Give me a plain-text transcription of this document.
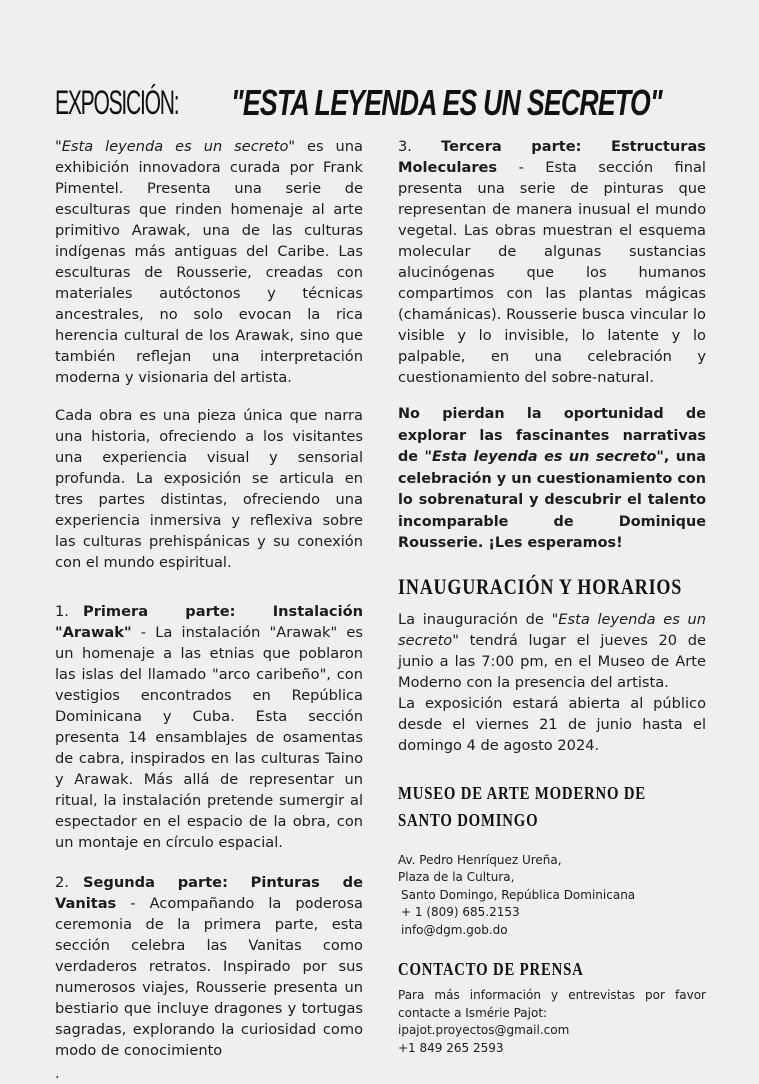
EXPOSICIÓN: "ESTA LEYENDA ES UN SECRETO"

"Esta leyenda es un secreto" es una exhibición innovadora curada por Frank Pimentel. Presenta una serie de esculturas que rinden homenaje al arte primitivo Arawak, una de las culturas indígenas más antiguas del Caribe. Las esculturas de Rousserie, creadas con materiales autóctonos y técnicas ancestrales, no solo evocan la rica herencia cultural de los Arawak, sino que también reflejan una interpretación moderna y visionaria del artista.

Cada obra es una pieza única que narra una historia, ofreciendo a los visitantes una experiencia visual y sensorial profunda. La exposición se articula en tres partes distintas, ofreciendo una experiencia inmersiva y reflexiva sobre las culturas prehispánicas y su conexión con el mundo espiritual.

1. Primera parte: Instalación "Arawak" - La instalación "Arawak" es un homenaje a las etnias que poblaron las islas del llamado "arco caribeño", con vestigios encontrados en República Dominicana y Cuba. Esta sección presenta 14 ensamblajes de osamentas de cabra, inspirados en las culturas Taino y Arawak. Más allá de representar un ritual, la instalación pretende sumergir al espectador en el espacio de la obra, con un montaje en círculo espacial.

2. Segunda parte: Pinturas de Vanitas - Acompañando la poderosa ceremonia de la primera parte, esta sección celebra las Vanitas como verdaderos retratos. Inspirado por sus numerosos viajes, Rousserie presenta un bestiario que incluye dragones y tortugas sagradas, explorando la curiosidad como modo de conocimiento

.

3. Tercera parte: Estructuras Moleculares - Esta sección final presenta una serie de pinturas que representan de manera inusual el mundo vegetal. Las obras muestran el esquema molecular de algunas sustancias alucinógenas que los humanos compartimos con las plantas mágicas (chamánicas). Rousserie busca vincular lo visible y lo invisible, lo latente y lo palpable, en una celebración y cuestionamiento del sobre-natural.

No pierdan la oportunidad de explorar las fascinantes narrativas de "Esta leyenda es un secreto", una celebración y un cuestionamiento con lo sobrenatural y descubrir el talento incomparable de Dominique Rousserie. ¡Les esperamos!

INAUGURACIÓN Y HORARIOS

La inauguración de "Esta leyenda es un secreto" tendrá lugar el jueves 20 de junio a las 7:00 pm, en el Museo de Arte Moderno con la presencia del artista.

La exposición estará abierta al público desde el viernes 21 de junio hasta el domingo 4 de agosto 2024.

MUSEO DE ARTE MODERNO DE
SANTO DOMINGO
Av. Pedro Henríquez Ureña,
Plaza de la Cultura,
Santo Domingo, República Dominicana
+ 1 (809) 685.2153
info@dgm.gob.do
CONTACTO DE PRENSA

Para más información y entrevistas por favor contacte a Ismérie Pajot:

ipajot.proyectos@gmail.com

+1 849 265 2593
